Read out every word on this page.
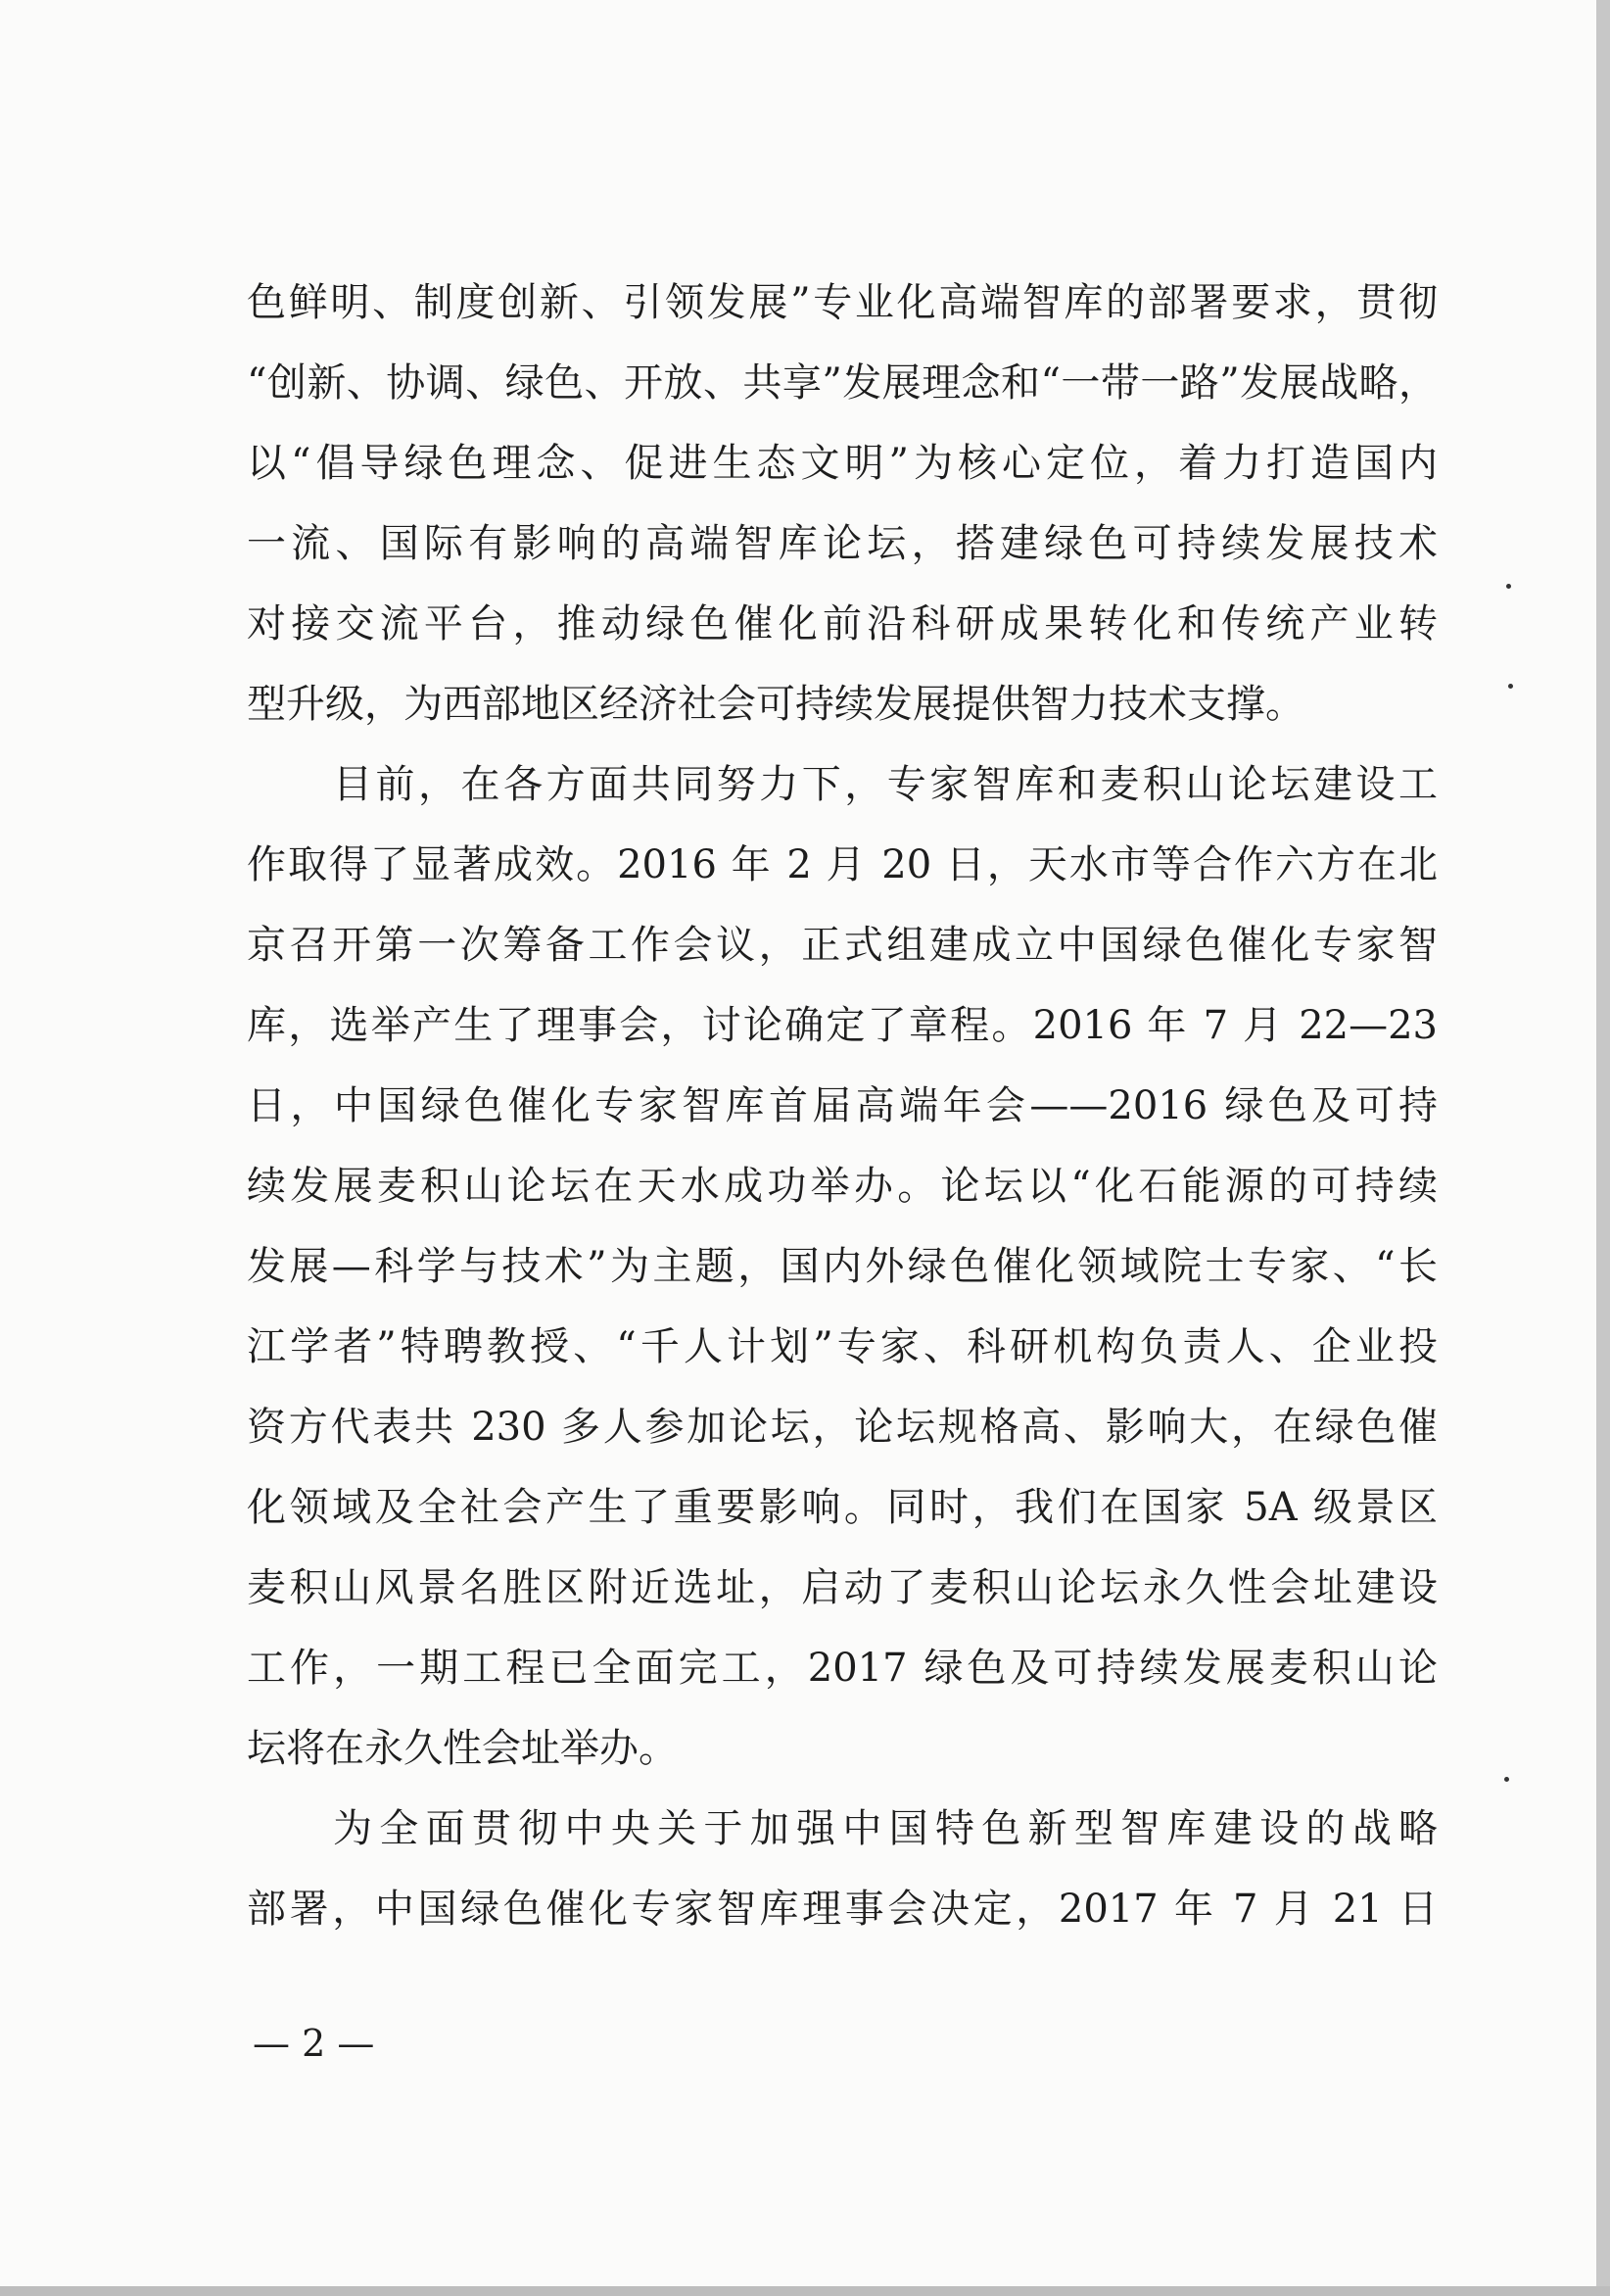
色鲜明、制度创新、引领发展”专业化高端智库的部署要求，贯彻
“创新、协调、绿色、开放、共享”发展理念和“一带一路”发展战略，
以“倡导绿色理念、促进生态文明”为核心定位，着力打造国内
一流、国际有影响的高端智库论坛，搭建绿色可持续发展技术
对接交流平台，推动绿色催化前沿科研成果转化和传统产业转
型升级，为西部地区经济社会可持续发展提供智力技术支撑。
目前，在各方面共同努力下，专家智库和麦积山论坛建设工
作取得了显著成效。2016 年 2 月 20 日，天水市等合作六方在北
京召开第一次筹备工作会议，正式组建成立中国绿色催化专家智
库，选举产生了理事会，讨论确定了章程。2016 年 7 月 22—23
日，中国绿色催化专家智库首届高端年会——2016 绿色及可持
续发展麦积山论坛在天水成功举办。论坛以“化石能源的可持续
发展—科学与技术”为主题，国内外绿色催化领域院士专家、“长
江学者”特聘教授、“千人计划”专家、科研机构负责人、企业投
资方代表共 230 多人参加论坛，论坛规格高、影响大，在绿色催
化领域及全社会产生了重要影响。同时，我们在国家 5A 级景区
麦积山风景名胜区附近选址，启动了麦积山论坛永久性会址建设
工作，一期工程已全面完工，2017 绿色及可持续发展麦积山论
坛将在永久性会址举办。
为全面贯彻中央关于加强中国特色新型智库建设的战略
部署，中国绿色催化专家智库理事会决定，2017 年 7 月 21 日
— 2 —
